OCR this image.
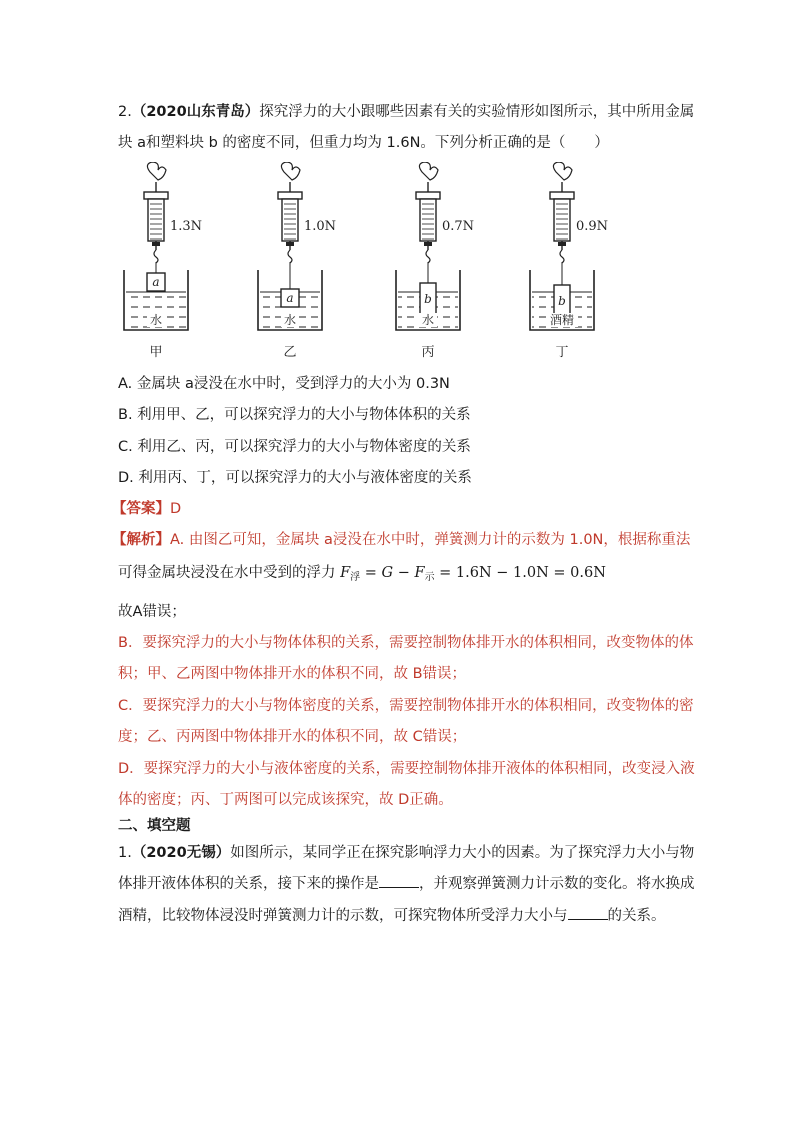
2.（2020山东青岛）探究浮力的大小跟哪些因素有关的实验情形如图所示，其中所用金属
块 a和塑料块 b 的密度不同，但重力均为 1.6N。下列分析正确的是（　　）
1.3N
a
水
甲
1.0N
a
水
乙
0.7N
b
水
丙
0.9N
b
酒精
丁
A. 金属块 a浸没在水中时，受到浮力的大小为 0.3N
B. 利用甲、乙，可以探究浮力的大小与物体体积的关系
C. 利用乙、丙，可以探究浮力的大小与物体密度的关系
D. 利用丙、丁，可以探究浮力的大小与液体密度的关系
【答案】D
【解析】A. 由图乙可知，金属块 a浸没在水中时，弹簧测力计的示数为 1.0N，根据称重法
可得金属块浸没在水中受到的浮力 $F_浮 = G - F_示 = 1.6N - 1.0N = 0.6N$
故A错误；
B．要探究浮力的大小与物体体积的关系，需要控制物体排开水的体积相同，改变物体的体
积；甲、乙两图中物体排开水的体积不同，故 B错误；
C．要探究浮力的大小与物体密度的关系，需要控制物体排开水的体积相同，改变物体的密
度；乙、丙两图中物体排开水的体积不同，故 C错误；
D．要探究浮力的大小与液体密度的关系，需要控制物体排开液体的体积相同，改变浸入液
体的密度；丙、丁两图可以完成该探究，故 D正确。
二、填空题
1.（2020无锡）如图所示，某同学正在探究影响浮力大小的因素。为了探究浮力大小与物
体排开液体体积的关系，接下来的操作是	，并观察弹簧测力计示数的变化。将水换成
酒精，比较物体浸没时弹簧测力计的示数，可探究物体所受浮力大小与	的关系。
